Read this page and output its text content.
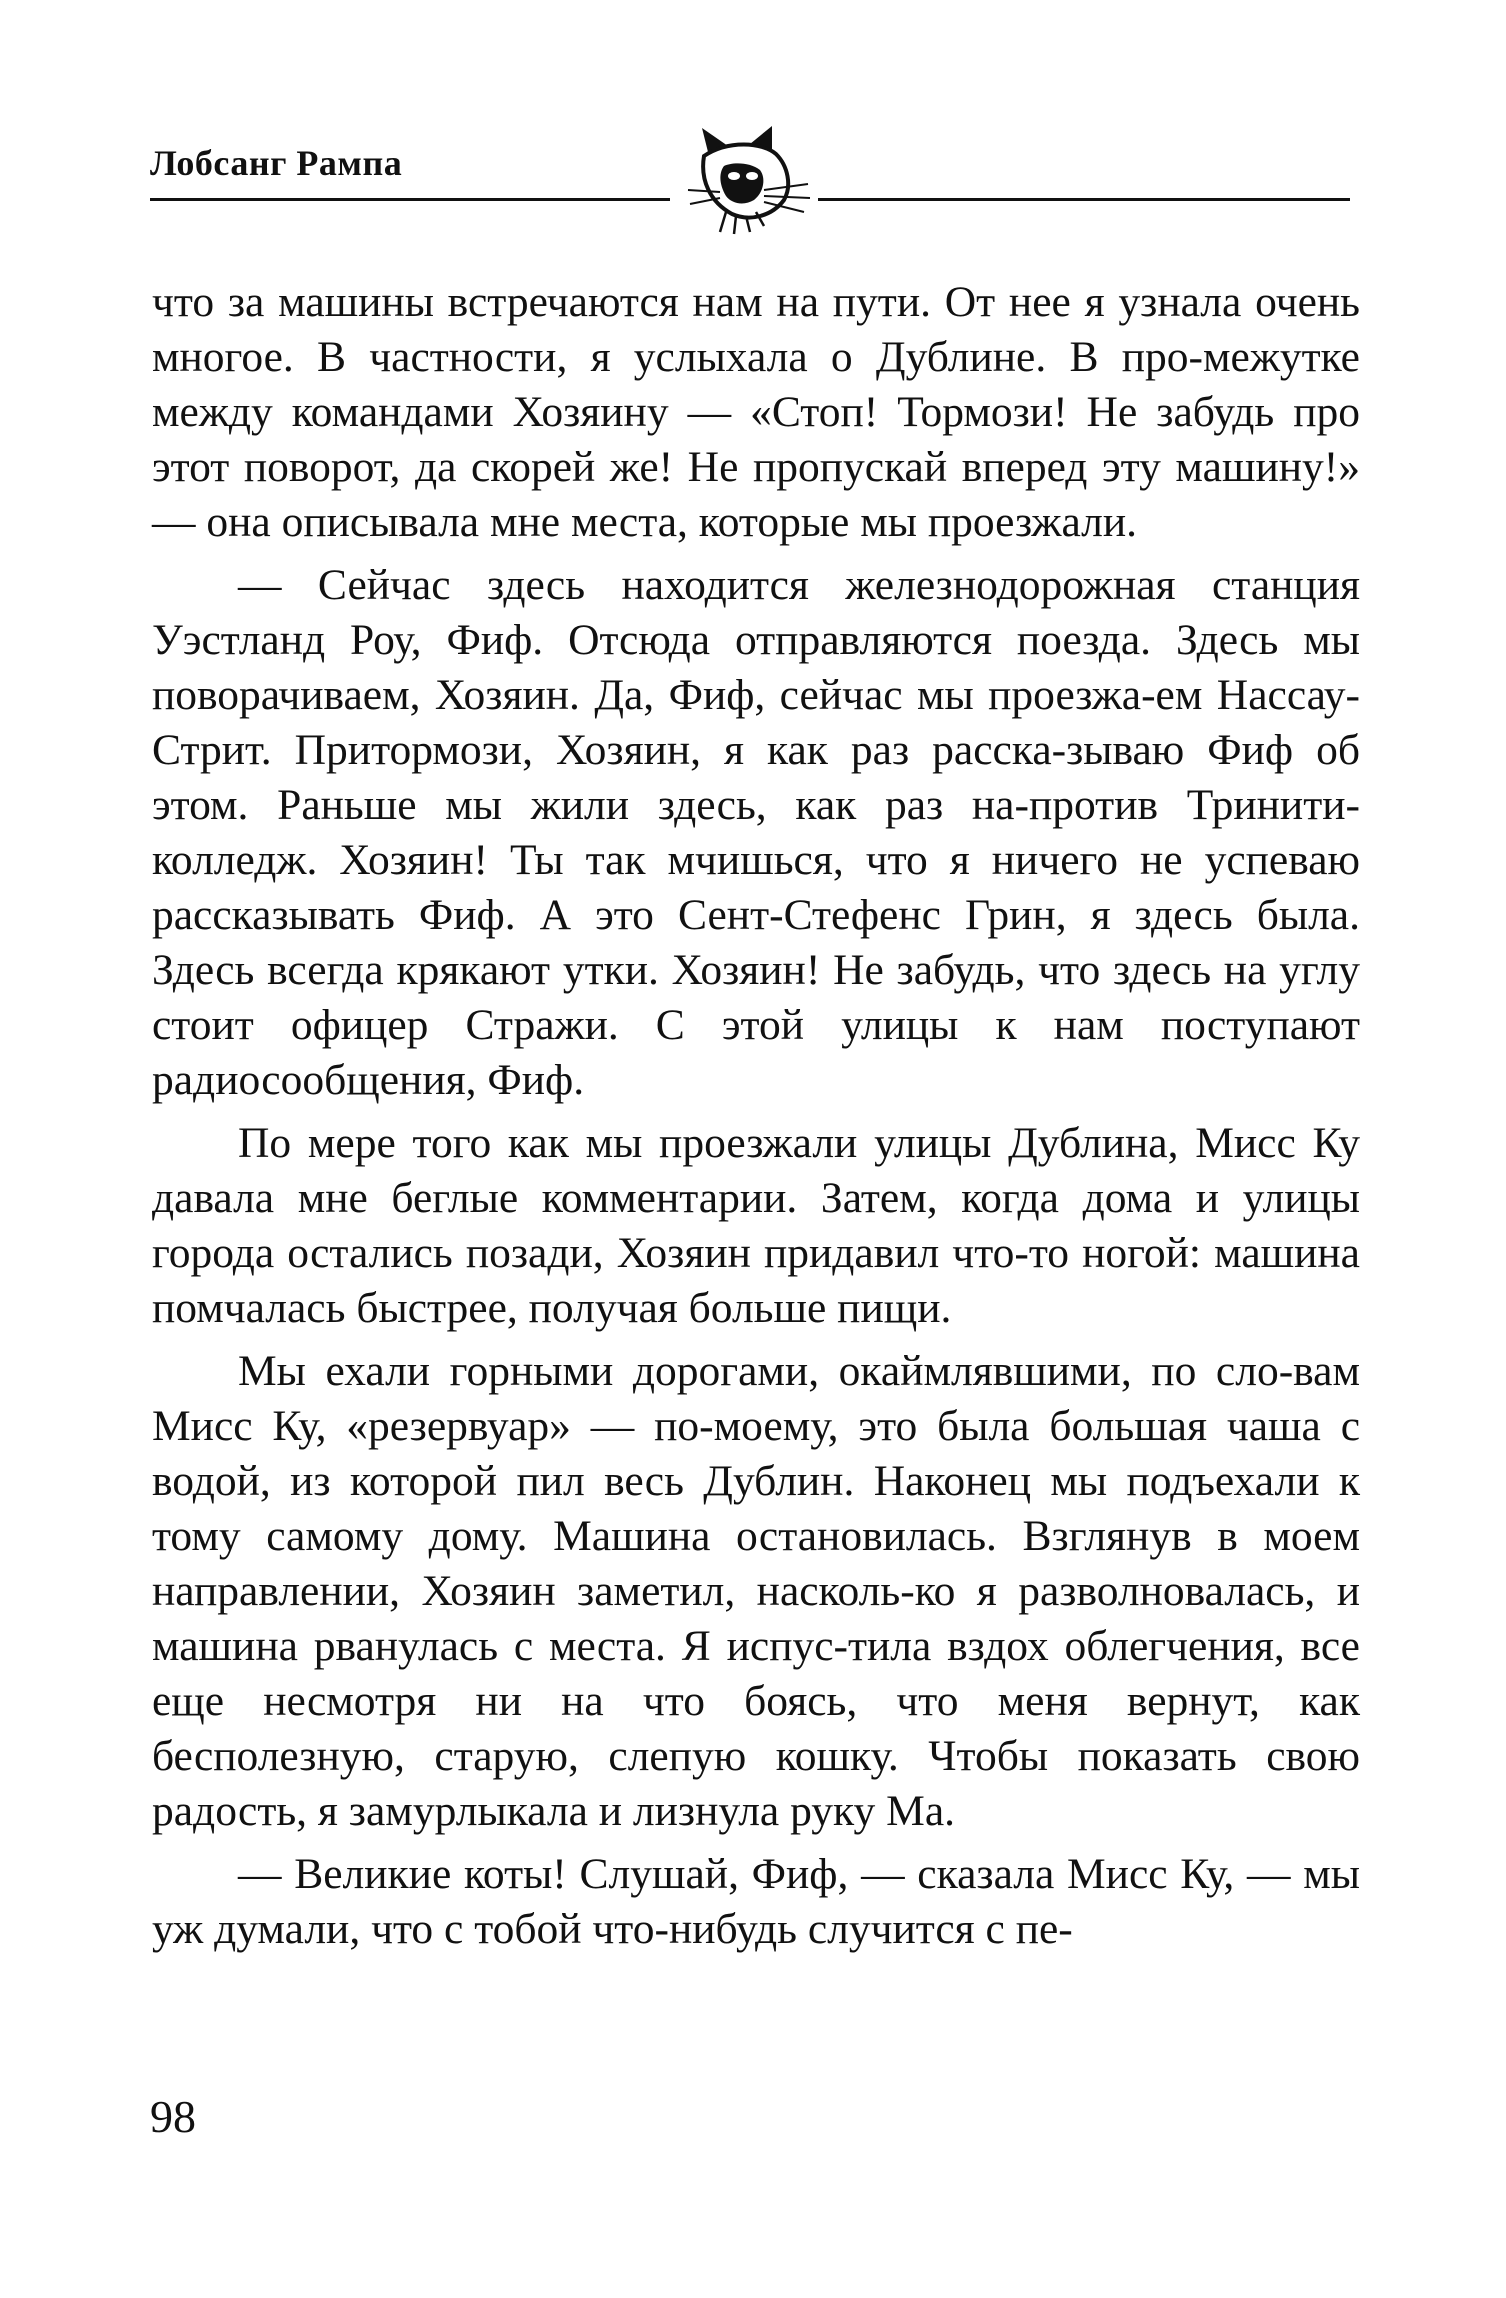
Лобсанг Рампа

что за машины встречаются нам на пути. От нее я узнала очень многое. В частности, я услыхала о Дублине. В про-межутке между командами Хозяину — «Стоп! Тормози! Не забудь про этот поворот, да скорей же! Не пропускай вперед эту машину!» — она описывала мне места, которые мы проезжали.

— Сейчас здесь находится железнодорожная станция Уэстланд Роу, Фиф. Отсюда отправляются поезда. Здесь мы поворачиваем, Хозяин. Да, Фиф, сейчас мы проезжа-ем Нассау-Стрит. Притормози, Хозяин, я как раз расска-зываю Фиф об этом. Раньше мы жили здесь, как раз на-против Тринити-колледж. Хозяин! Ты так мчишься, что я ничего не успеваю рассказывать Фиф. А это Сент-Стефенс Грин, я здесь была. Здесь всегда крякают утки. Хозяин! Не забудь, что здесь на углу стоит офицер Стражи. С этой улицы к нам поступают радиосообщения, Фиф.

По мере того как мы проезжали улицы Дублина, Мисс Ку давала мне беглые комментарии. Затем, когда дома и улицы города остались позади, Хозяин придавил что-то ногой: машина помчалась быстрее, получая больше пищи.

Мы ехали горными дорогами, окаймлявшими, по сло-вам Мисс Ку, «резервуар» — по-моему, это была большая чаша с водой, из которой пил весь Дублин. Наконец мы подъехали к тому самому дому. Машина остановилась. Взглянув в моем направлении, Хозяин заметил, насколь-ко я разволновалась, и машина рванулась с места. Я испус-тила вздох облегчения, все еще несмотря ни на что боясь, что меня вернут, как бесполезную, старую, слепую кошку. Чтобы показать свою радость, я замурлыкала и лизнула руку Ма.

— Великие коты! Слушай, Фиф, — сказала Мисс Ку, — мы уж думали, что с тобой что-нибудь случится с пе-

98
